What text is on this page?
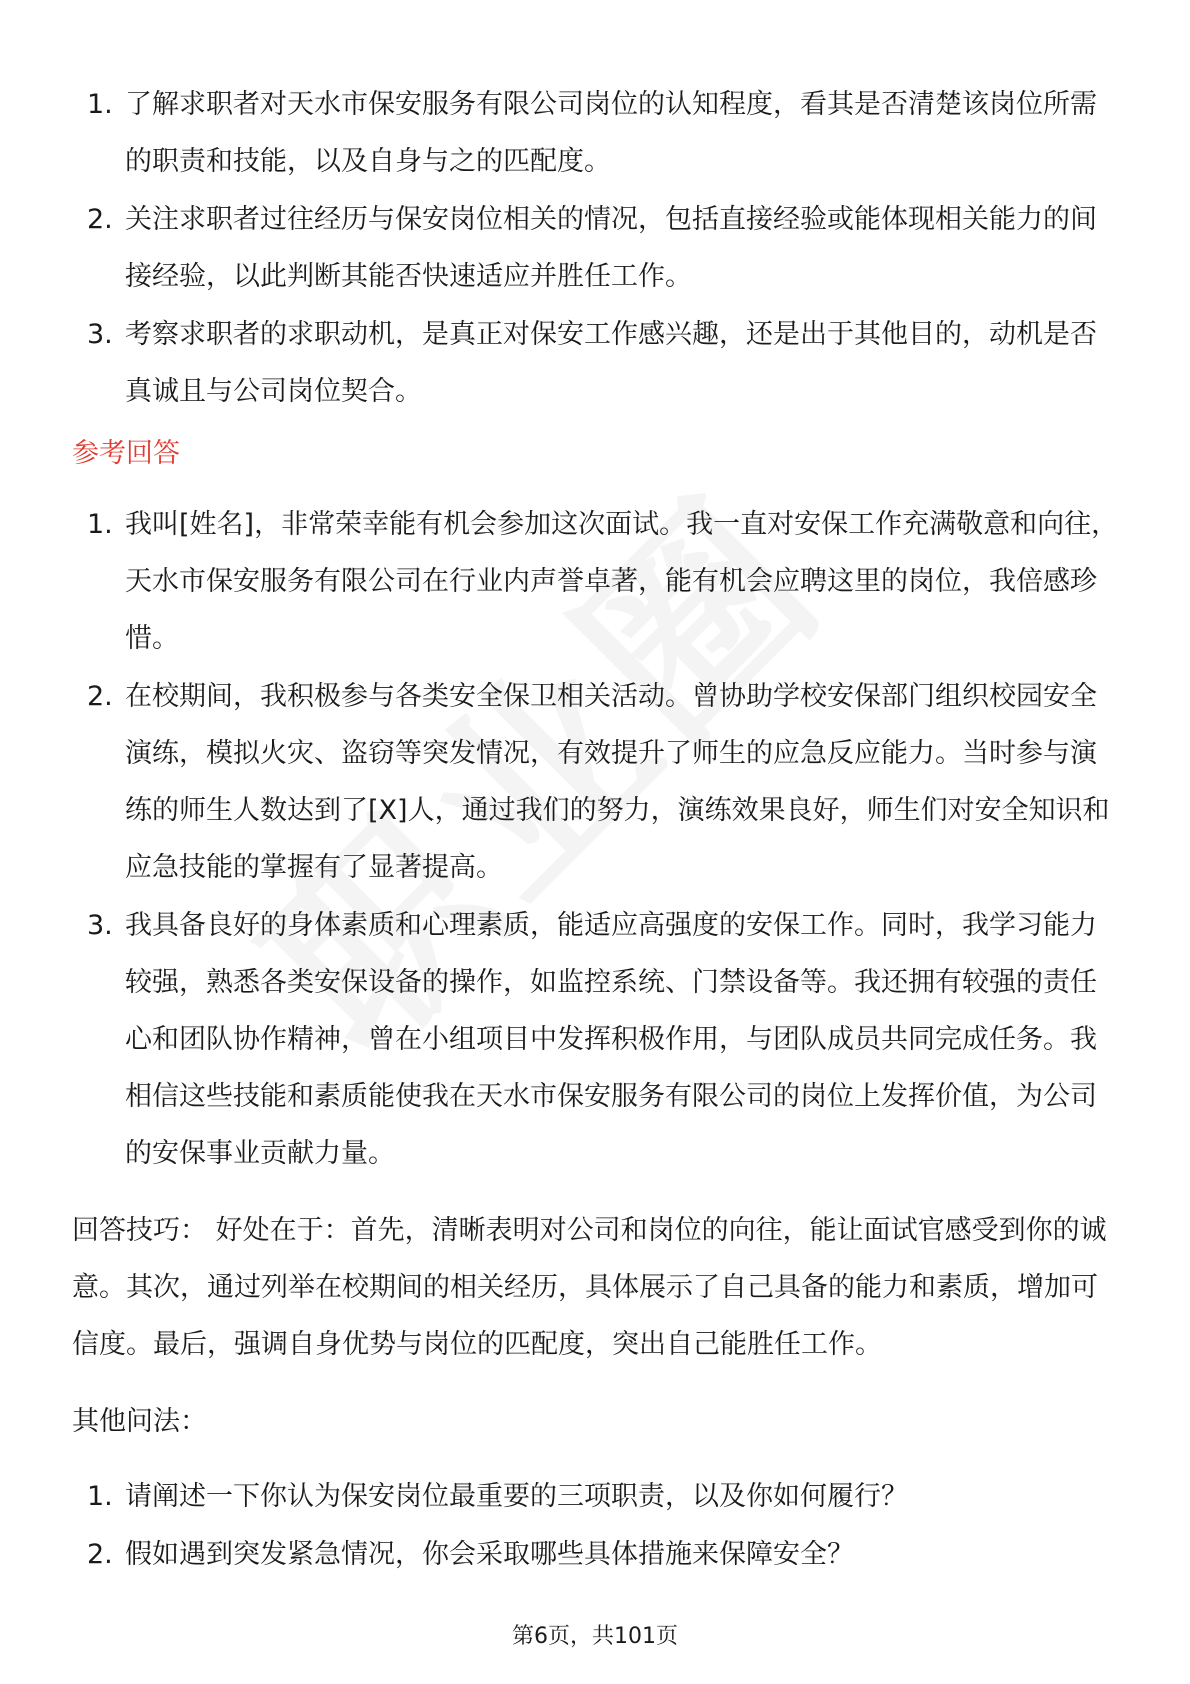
1. 了解求职者对天水市保安服务有限公司岗位的认知程度，看其是否清楚该岗位所需的职责和技能，以及自身与之的匹配度。
2. 关注求职者过往经历与保安岗位相关的情况，包括直接经验或能体现相关能力的间接经验，以此判断其能否快速适应并胜任工作。
3. 考察求职者的求职动机，是真正对保安工作感兴趣，还是出于其他目的，动机是否真诚且与公司岗位契合。
参考回答
1. 我叫[姓名]，非常荣幸能有机会参加这次面试。我一直对安保工作充满敬意和向往，天水市保安服务有限公司在行业内声誉卓著，能有机会应聘这里的岗位，我倍感珍惜。
2. 在校期间，我积极参与各类安全保卫相关活动。曾协助学校安保部门组织校园安全演练，模拟火灾、盗窃等突发情况，有效提升了师生的应急反应能力。当时参与演练的师生人数达到了[X]人，通过我们的努力，演练效果良好，师生们对安全知识和应急技能的掌握有了显著提高。
3. 我具备良好的身体素质和心理素质，能适应高强度的安保工作。同时，我学习能力较强，熟悉各类安保设备的操作，如监控系统、门禁设备等。我还拥有较强的责任心和团队协作精神，曾在小组项目中发挥积极作用，与团队成员共同完成任务。我相信这些技能和素质能使我在天水市保安服务有限公司的岗位上发挥价值，为公司的安保事业贡献力量。
回答技巧： 好处在于：首先，清晰表明对公司和岗位的向往，能让面试官感受到你的诚意。其次，通过列举在校期间的相关经历，具体展示了自己具备的能力和素质，增加可信度。最后，强调自身优势与岗位的匹配度，突出自己能胜任工作。
其他问法：
1. 请阐述一下你认为保安岗位最重要的三项职责，以及你如何履行？
2. 假如遇到突发紧急情况，你会采取哪些具体措施来保障安全？
第6页，共101页
